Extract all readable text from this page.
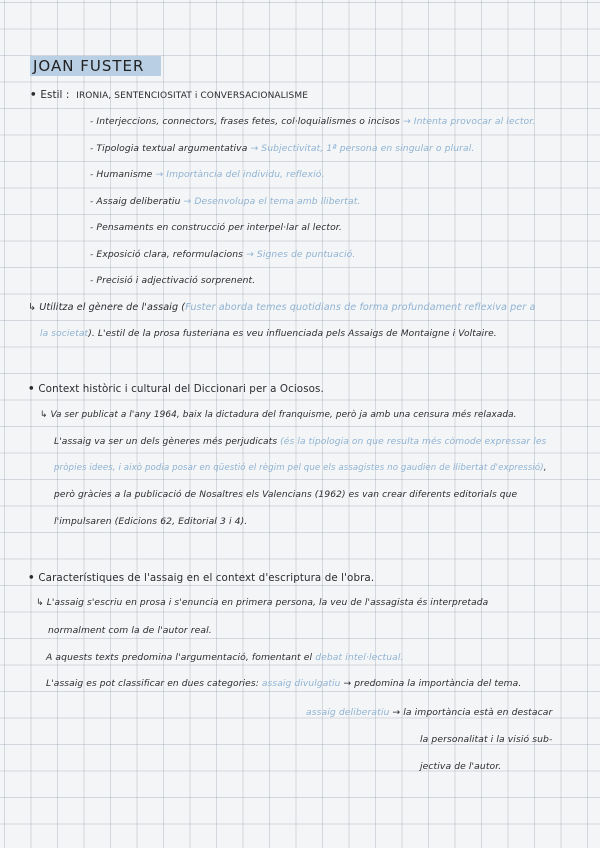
JOAN FUSTER
• Estil : IRONIA, SENTENCIOSITAT i CONVERSACIONALISME
- Interjeccions, connectors, frases fetes, col·loquialismes o incisos → Intenta provocar al lector.
- Tipologia textual argumentativa → Subjectivitat, 1ª persona en singular o plural.
- Humanisme → Importància del individu, reflexió.
- Assaig deliberatiu → Desenvolupa el tema amb llibertat.
- Pensaments en construcció per interpel·lar al lector.
- Exposició clara, reformulacions → Signes de puntuació.
- Precisió i adjectivació sorprenent.
↳ Utilitza el gènere de l'assaig (Fuster aborda temes quotidians de forma profundament reflexiva per a
la societat). L'estil de la prosa fusteriana es veu influenciada pels Assaigs de Montaigne i Voltaire.
• Context històric i cultural del Diccionari per a Ociosos.
↳ Va ser publicat a l'any 1964, baix la dictadura del franquisme, però ja amb una censura més relaxada.
L'assaig va ser un dels gèneres més perjudicats (és la tipologia on que resulta més còmode expressar les
pròpies idees, i això podia posar en qüestió el règim pel que els assagistes no gaudien de llibertat d'expressió),
però gràcies a la publicació de Nosaltres els Valencians (1962) es van crear diferents editorials que
l'impulsaren (Edicions 62, Editorial 3 i 4).
• Característiques de l'assaig en el context d'escriptura de l'obra.
↳ L'assaig s'escriu en prosa i s'enuncia en primera persona, la veu de l'assagista és interpretada
normalment com la de l'autor real.
A aquests texts predomina l'argumentació, fomentant el debat intel·lectual.
L'assaig es pot classificar en dues categories: assaig divulgatiu → predomina la importància del tema.
assaig deliberatiu → la importància està en destacar
la personalitat i la visió sub-
jectiva de l'autor.
